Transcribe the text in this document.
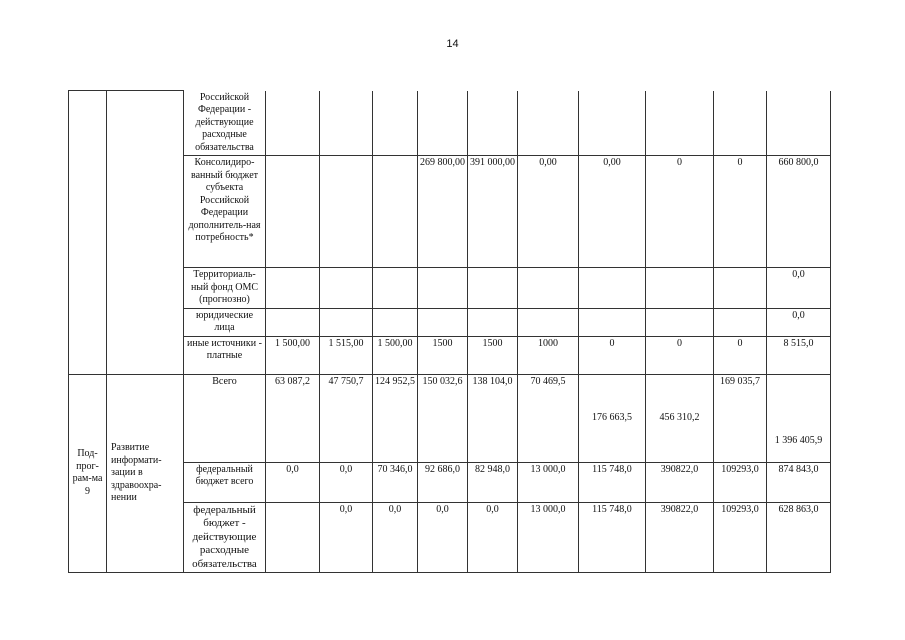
14
		Российской Федерации - действующие расходные обязательства										
		Консолидиро-ванный бюджет субъекта Российской Федерации дополнитель-ная потребность*				269 800,00	391 000,00	0,00	0,00	0	0	660 800,0
		Территориаль-ный фонд ОМС (прогнозно)										0,0
		юридические лица										0,0
		иные источники - платные	1 500,00	1 515,00	1 500,00	1500	1500	1000	0	0	0	8 515,0
Под-прог-рам-ма 9	Развитие информати-зации в здравоохра-нении	Всего	63 087,2	47 750,7	124 952,5	150 032,6	138 104,0	70 469,5	176 663,5	456 310,2	169 035,7	1 396 405,9
		федеральный бюджет всего	0,0	0,0	70 346,0	92 686,0	82 948,0	13 000,0	115 748,0	390822,0	109293,0	874 843,0
		федеральный бюджет - действующие расходные обязательства		0,0	0,0	0,0	0,0	13 000,0	115 748,0	390822,0	109293,0	628 863,0
